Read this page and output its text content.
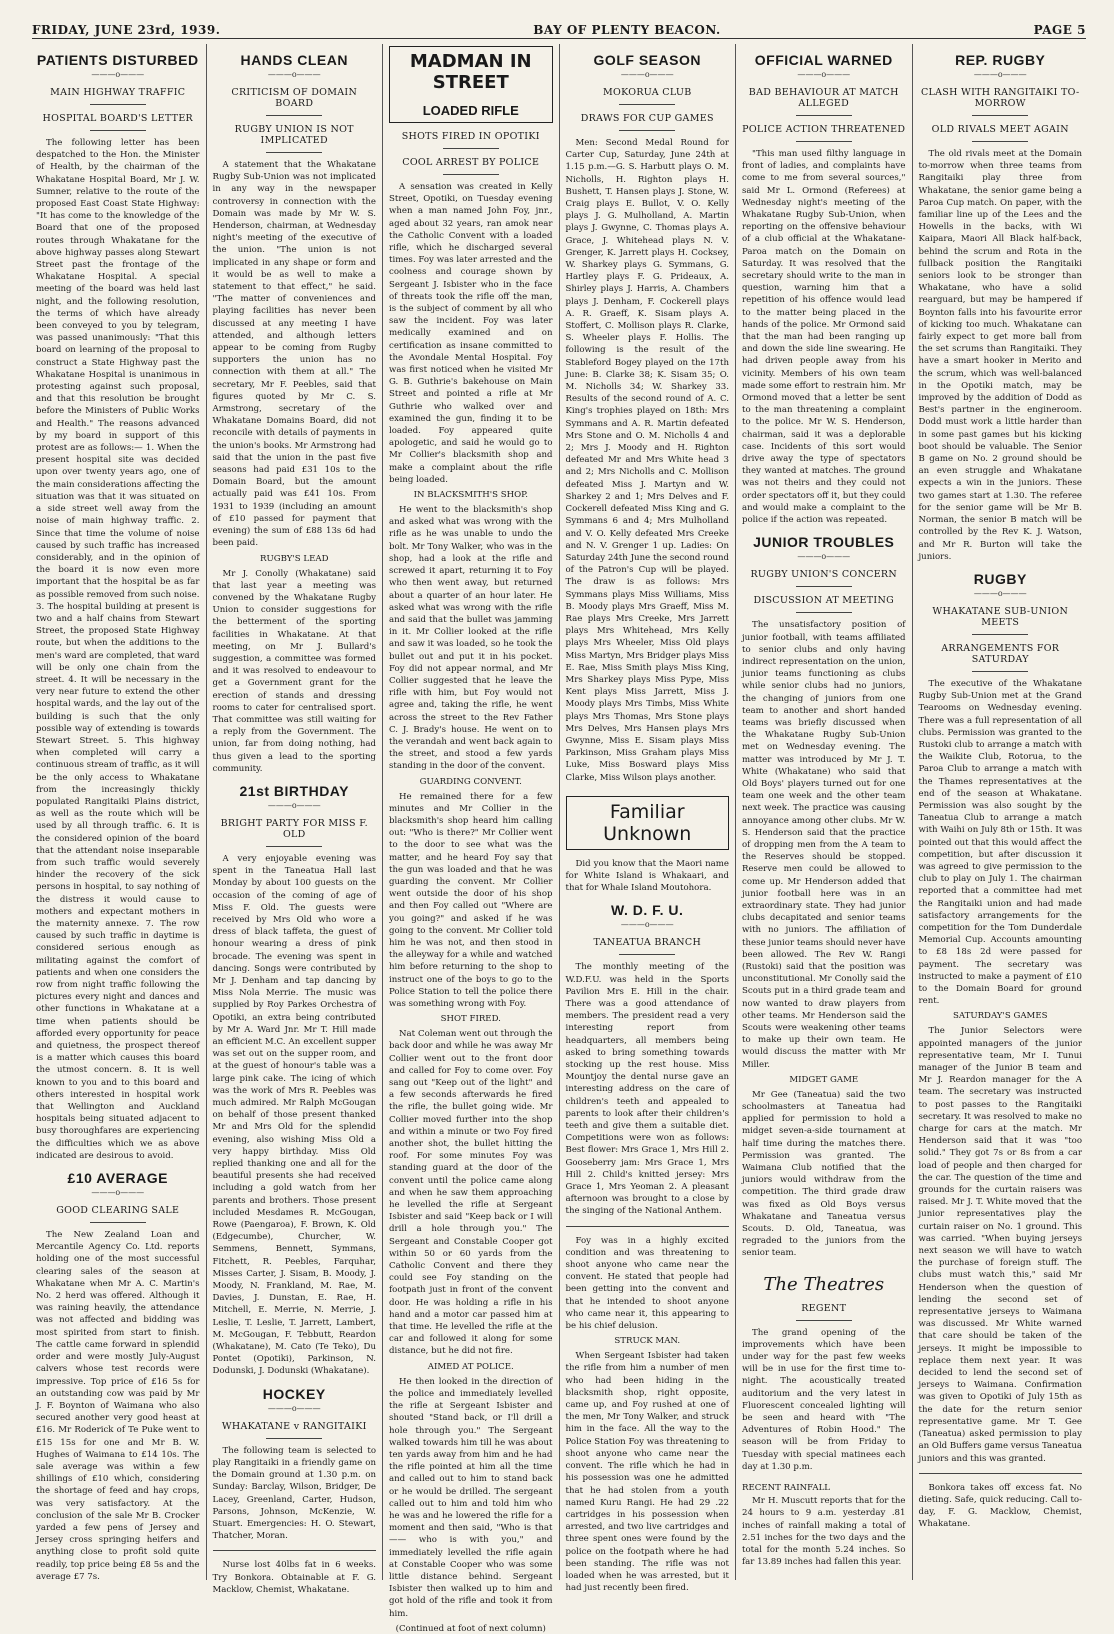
FRIDAY, JUNE 23rd, 1939.	BAY OF PLENTY BEACON.	PAGE 5
PATIENTS DISTURBED
———o———
MAIN HIGHWAY TRAFFIC
HOSPITAL BOARD'S LETTER

The following letter has been despatched to the Hon. the Minister of Health, by the chairman of the Whakatane Hospital Board, Mr J. W. Sumner, relative to the route of the proposed East Coast State Highway: "It has come to the knowledge of the Board that one of the proposed routes through Whakatane for the above highway passes along Stewart Street past the frontage of the Whakatane Hospital. A special meeting of the board was held last night, and the following resolution, the terms of which have already been conveyed to you by telegram, was passed unanimously: "That this board on learning of the proposal to construct a State Highway past the Whakatane Hospital is unanimous in protesting against such proposal, and that this resolution be brought before the Ministers of Public Works and Health." The reasons advanced by my board in support of this protest are as follows:— 1. When the present hospital site was decided upon over twenty years ago, one of the main considerations affecting the situation was that it was situated on a side street well away from the noise of main highway traffic. 2. Since that time the volume of noise caused by such traffic has increased considerably, and in the opinion of the board it is now even more important that the hospital be as far as possible removed from such noise. 3. The hospital building at present is two and a half chains from Stewart Street, the proposed State Highway route, but when the additions to the men's ward are completed, that ward will be only one chain from the street. 4. It will be necessary in the very near future to extend the other hospital wards, and the lay out of the building is such that the only possible way of extending is towards Stewart Street. 5. This highway when completed will carry a continuous stream of traffic, as it will be the only access to Whakatane from the increasingly thickly populated Rangitaiki Plains district, as well as the route which will be used by all through traffic. 6. It is the considered opinion of the board that the attendant noise inseparable from such traffic would severely hinder the recovery of the sick persons in hospital, to say nothing of the distress it would cause to mothers and expectant mothers in the maternity annexe. 7. The row caused by such traffic in daytime is considered serious enough as militating against the comfort of patients and when one considers the row from night traffic following the pictures every night and dances and other functions in Whakatane at a time when patients should be afforded every opportunity for peace and quietness, the prospect thereof is a matter which causes this board the utmost concern. 8. It is well known to you and to this board and others interested in hospital work that Wellington and Auckland hospitals being situated adjacent to busy thoroughfares are experiencing the difficulties which we as above indicated are desirous to avoid.

£10 AVERAGE
———o———
GOOD CLEARING SALE

The New Zealand Loan and Mercantile Agency Co. Ltd. reports holding one of the most successful clearing sales of the season at Whakatane when Mr A. C. Martin's No. 2 herd was offered. Although it was raining heavily, the attendance was not affected and bidding was most spirited from start to finish. The cattle came forward in splendid order and were mostly July-August calvers whose test records were impressive. Top price of £16 5s for an outstanding cow was paid by Mr J. F. Boynton of Waimana who also secured another very good heast at £16. Mr Roderick of Te Puke went to £15 15s for one and Mr B. W. Hughes of Waimana to £14 10s. The sale average was within a few shillings of £10 which, considering the shortage of feed and hay crops, was very satisfactory. At the conclusion of the sale Mr B. Crocker yarded a few pens of Jersey and Jersey cross springing heifers and anything close to profit sold quite readily, top price being £8 5s and the average £7 7s.

HANDS CLEAN
———o———
CRITICISM OF DOMAIN BOARD
RUGBY UNION IS NOT IMPLICATED

A statement that the Whakatane Rugby Sub-Union was not implicated in any way in the newspaper controversy in connection with the Domain was made by Mr W. S. Henderson, chairman, at Wednesday night's meeting of the executive of the union. "The union is not implicated in any shape or form and it would be as well to make a statement to that effect," he said. "The matter of conveniences and playing facilities has never been discussed at any meeting I have attended, and although letters appear to be coming from Rugby supporters the union has no connection with them at all." The secretary, Mr F. Peebles, said that figures quoted by Mr C. S. Armstrong, secretary of the Whakatane Domains Board, did not reconcile with details of payments in the union's books. Mr Armstrong had said that the union in the past five seasons had paid £31 10s to the Domain Board, but the amount actually paid was £41 10s. From 1931 to 1939 (including an amount of £10 passed for payment that evening) the sum of £88 13s 6d had been paid.

RUGBY'S LEAD

Mr J. Conolly (Whakatane) said that last year a meeting was convened by the Whakatane Rugby Union to consider suggestions for the betterment of the sporting facilities in Whakatane. At that meeting, on Mr J. Bullard's suggestion, a committee was formed and it was resolved to endeavour to get a Government grant for the erection of stands and dressing rooms to cater for centralised sport. That committee was still waiting for a reply from the Government. The union, far from doing nothing, had thus given a lead to the sporting community.

21st BIRTHDAY
———o———
BRIGHT PARTY FOR MISS F. OLD

A very enjoyable evening was spent in the Taneatua Hall last Monday by about 100 guests on the occasion of the coming of age of Miss F. Old. The guests were received by Mrs Old who wore a dress of black taffeta, the guest of honour wearing a dress of pink brocade. The evening was spent in dancing. Songs were contributed by Mr J. Denham and tap dancing by Miss Nola Merrie. The music was supplied by Roy Parkes Orchestra of Opotiki, an extra being contributed by Mr A. Ward Jnr. Mr T. Hill made an efficient M.C. An excellent supper was set out on the supper room, and at the guest of honour's table was a large pink cake. The icing of which was the work of Mrs R. Peebles was much admired. Mr Ralph McGougan on behalf of those present thanked Mr and Mrs Old for the splendid evening, also wishing Miss Old a very happy birthday. Miss Old replied thanking one and all for the beautiful presents she had received including a gold watch from her parents and brothers. Those present included Mesdames R. McGougan, Rowe (Paengaroa), F. Brown, K. Old (Edgecumbe), Churcher, W. Semmens, Bennett, Symmans, Fitchett, R. Peebles, Farquhar, Misses Carter, J. Sisam, B. Moody, J. Moody, N. Frankland, M. Rae, M. Davies, J. Dunstan, E. Rae, H. Mitchell, E. Merrie, N. Merrie, J. Leslie, T. Leslie, T. Jarrett, Lambert, M. McGougan, F. Tebbutt, Reardon (Whakatane), M. Cato (Te Teko), Du Pontet (Opotiki), Parkinson, N. Dodunski, J. Dodunski (Whakatane).

HOCKEY
———o———
WHAKATANE v RANGITAIKI

The following team is selected to play Rangitaiki in a friendly game on the Domain ground at 1.30 p.m. on Sunday: Barclay, Wilson, Bridger, De Lacey, Greenland, Carter, Hudson, Parsons, Johnson, McKenzie, W. Stuart. Emergencies: H. O. Stewart, Thatcher, Moran.

Nurse lost 40lbs fat in 6 weeks. Try Bonkora. Obtainable at F. G. Macklow, Chemist, Whakatane.

MADMAN IN STREET
LOADED RIFLE
SHOTS FIRED IN OPOTIKI
COOL ARREST BY POLICE

A sensation was created in Kelly Street, Opotiki, on Tuesday evening when a man named John Foy, jnr., aged about 32 years, ran amok near the Catholic Convent with a loaded rifle, which he discharged several times. Foy was later arrested and the coolness and courage shown by Sergeant J. Isbister who in the face of threats took the rifle off the man, is the subject of comment by all who saw the incident. Foy was later medically examined and on certification as insane committed to the Avondale Mental Hospital. Foy was first noticed when he visited Mr G. B. Guthrie's bakehouse on Main Street and pointed a rifle at Mr Guthrie who walked over and examined the gun, finding it to be loaded. Foy appeared quite apologetic, and said he would go to Mr Collier's blacksmith shop and make a complaint about the rifle being loaded.

IN BLACKSMITH'S SHOP.

He went to the blacksmith's shop and asked what was wrong with the rifle as he was unable to undo the bolt. Mr Tony Walker, who was in the shop, had a look at the rifle and screwed it apart, returning it to Foy who then went away, but returned about a quarter of an hour later. He asked what was wrong with the rifle and said that the bullet was jamming in it. Mr Collier looked at the rifle and saw it was loaded, so he took the bullet out and put it in his pocket. Foy did not appear normal, and Mr Collier suggested that he leave the rifle with him, but Foy would not agree and, taking the rifle, he went across the street to the Rev Father C. J. Brady's house. He went on to the verandah and went back again to the street, and stood a few yards standing in the door of the convent.

GUARDING CONVENT.

He remained there for a few minutes and Mr Collier in the blacksmith's shop heard him calling out: "Who is there?" Mr Collier went to the door to see what was the matter, and he heard Foy say that the gun was loaded and that he was guarding the convent. Mr Collier went outside the door of his shop and then Foy called out "Where are you going?" and asked if he was going to the convent. Mr Collier told him he was not, and then stood in the alleyway for a while and watched him before returning to the shop to instruct one of the boys to go to the Police Station to tell the police there was something wrong with Foy.

SHOT FIRED.

Nat Coleman went out through the back door and while he was away Mr Collier went out to the front door and called for Foy to come over. Foy sang out "Keep out of the light" and a few seconds afterwards he fired the rifle, the bullet going wide. Mr Collier moved further into the shop and within a minute or two Foy fired another shot, the bullet hitting the roof. For some minutes Foy was standing guard at the door of the convent until the police came along and when he saw them approaching he levelled the rifle at Sergeant Isbister and said "Keep back or I will drill a hole through you." The Sergeant and Constable Cooper got within 50 or 60 yards from the Catholic Convent and there they could see Foy standing on the footpath just in front of the convent door. He was holding a rifle in his hand and a motor car passed him at that time. He levelled the rifle at the car and followed it along for some distance, but he did not fire.

AIMED AT POLICE.

He then looked in the direction of the police and immediately levelled the rifle at Sergeant Isbister and shouted "Stand back, or I'll drill a hole through you." The Sergeant walked towards him till he was about ten yards away from him and he had the rifle pointed at him all the time and called out to him to stand back or he would be drilled. The sergeant called out to him and told him who he was and he lowered the rifle for a moment and then said, "Who is that —— who is with you," and immediately levelled the rifle again at Constable Cooper who was some little distance behind. Sergeant Isbister then walked up to him and got hold of the rifle and took it from him.

(Continued at foot of next column)
GOLF SEASON
———o———
MOKORUA CLUB
DRAWS FOR CUP GAMES

Men: Second Medal Round for Carter Cup, Saturday, June 24th at 1.15 p.m.—G. S. Harbutt plays O. M. Nicholls, H. Righton plays H. Bushett, T. Hansen plays J. Stone, W. Craig plays E. Bullot, V. O. Kelly plays J. G. Mulholland, A. Martin plays J. Gwynne, C. Thomas plays A. Grace, J. Whitehead plays N. V. Grenger, K. Jarrett plays H. Cocksey, W. Sharkey plays G. Symmans, G. Hartley plays F. G. Prideaux, A. Shirley plays J. Harris, A. Chambers plays J. Denham, F. Cockerell plays A. R. Graeff, K. Sisam plays A. Stoffert, C. Mollison plays R. Clarke, S. Wheeler plays F. Hollis. The following is the result of the Stableford Bogey played on the 17th June: B. Clarke 38; K. Sisam 35; O. M. Nicholls 34; W. Sharkey 33. Results of the second round of A. C. King's trophies played on 18th: Mrs Symmans and A. R. Martin defeated Mrs Stone and O. M. Nicholls 4 and 2; Mrs J. Moody and H. Righton defeated Mr and Mrs White head 3 and 2; Mrs Nicholls and C. Mollison defeated Miss J. Martyn and W. Sharkey 2 and 1; Mrs Delves and F. Cockerell defeated Miss King and G. Symmans 6 and 4; Mrs Mulholland and V. O. Kelly defeated Mrs Creeke and N. V. Grenger 1 up. Ladies: On Saturday 24th June the second round of the Patron's Cup will be played. The draw is as follows: Mrs Symmans plays Miss Williams, Miss B. Moody plays Mrs Graeff, Miss M. Rae plays Mrs Creeke, Mrs Jarrett plays Mrs Whitehead, Mrs Kelly plays Mrs Wheeler, Miss Old plays Miss Martyn, Mrs Bridger plays Miss E. Rae, Miss Smith plays Miss King, Mrs Sharkey plays Miss Pype, Miss Kent plays Miss Jarrett, Miss J. Moody plays Mrs Timbs, Miss White plays Mrs Thomas, Mrs Stone plays Mrs Delves, Mrs Hansen plays Mrs Gwynne, Miss E. Sisam plays Miss Parkinson, Miss Graham plays Miss Luke, Miss Bosward plays Miss Clarke, Miss Wilson plays another.

Familiar Unknown

Did you know that the Maori name for White Island is Whakaari, and that for Whale Island Moutohora.

W. D. F. U.
———o———
TANEATUA BRANCH

The monthly meeting of the W.D.F.U. was held in the Sports Pavilion Mrs E. Hill in the chair. There was a good attendance of members. The president read a very interesting report from headquarters, all members being asked to bring something towards stocking up the rest house. Miss Mountjoy the dental nurse gave an interesting address on the care of children's teeth and appealed to parents to look after their children's teeth and give them a suitable diet. Competitions were won as follows: Best flower: Mrs Grace 1, Mrs Hill 2. Gooseberry jam: Mrs Grace 1, Mrs Hill 2. Child's knitted jersey: Mrs Grace 1, Mrs Yeoman 2. A pleasant afternoon was brought to a close by the singing of the National Anthem.

Foy was in a highly excited condition and was threatening to shoot anyone who came near the convent. He stated that people had been getting into the convent and that he intended to shoot anyone who came near it, this appearing to be his chief delusion.

STRUCK MAN.

When Sergeant Isbister had taken the rifle from him a number of men who had been hiding in the blacksmith shop, right opposite, came up, and Foy rushed at one of the men, Mr Tony Walker, and struck him in the face. All the way to the Police Station Foy was threatening to shoot anyone who came near the convent. The rifle which he had in his possession was one he admitted that he had stolen from a youth named Kuru Rangi. He had 29 .22 cartridges in his possession when arrested, and two live cartridges and three spent ones were found by the police on the footpath where he had been standing. The rifle was not loaded when he was arrested, but it had just recently been fired.

OFFICIAL WARNED
———o———
BAD BEHAVIOUR AT MATCH ALLEGED
POLICE ACTION THREATENED

"This man used filthy language in front of ladies, and complaints have come to me from several sources," said Mr L. Ormond (Referees) at Wednesday night's meeting of the Whakatane Rugby Sub-Union, when reporting on the offensive behaviour of a club official at the Whakatane-Paroa match on the Domain on Saturday. It was resolved that the secretary should write to the man in question, warning him that a repetition of his offence would lead to the matter being placed in the hands of the police. Mr Ormond said that the man had been ranging up and down the side line swearing. He had driven people away from his vicinity. Members of his own team made some effort to restrain him. Mr Ormond moved that a letter be sent to the man threatening a complaint to the police. Mr W. S. Henderson, chairman, said it was a deplorable case. Incidents of this sort would drive away the type of spectators they wanted at matches. The ground was not theirs and they could not order spectators off it, but they could and would make a complaint to the police if the action was repeated.

JUNIOR TROUBLES
———o———
RUGBY UNION'S CONCERN
DISCUSSION AT MEETING

The unsatisfactory position of junior football, with teams affiliated to senior clubs and only having indirect representation on the union, junior teams functioning as clubs while senior clubs had no juniors, the changing of juniors from one team to another and short handed teams was briefly discussed when the Whakatane Rugby Sub-Union met on Wednesday evening. The matter was introduced by Mr J. T. White (Whakatane) who said that Old Boys' players turned out for one team one week and the other team next week. The practice was causing annoyance among other clubs. Mr W. S. Henderson said that the practice of dropping men from the A team to the Reserves should be stopped. Reserve men could be allowed to come up. Mr Henderson added that junior football here was in an extraordinary state. They had junior clubs decapitated and senior teams with no juniors. The affiliation of these junior teams should never have been allowed. The Rev W. Rangi (Rustoki) said that the position was unconstitutional. Mr Conolly said the Scouts put in a third grade team and now wanted to draw players from other teams. Mr Henderson said the Scouts were weakening other teams to make up their own team. He would discuss the matter with Mr Miller.

MIDGET GAME

Mr Gee (Taneatua) said the two schoolmasters at Taneatua had applied for permission to hold a midget seven-a-side tournament at half time during the matches there. Permission was granted. The Waimana Club notified that the juniors would withdraw from the competition. The third grade draw was fixed as Old Boys versus Whakatane and Taneatua versus Scouts. D. Old, Taneatua, was regraded to the juniors from the senior team.

The Theatres
REGENT

The grand opening of the improvements which have been under way for the past few weeks will be in use for the first time to-night. The acoustically treated auditorium and the very latest in Fluorescent concealed lighting will be seen and heard with "The Adventures of Robin Hood." The season will be from Friday to Tuesday with special matinees each day at 1.30 p.m.

RECENT RAINFALL

Mr H. Muscutt reports that for the 24 hours to 9 a.m. yesterday .81 inches of rainfall making a total of 2.51 inches for the two days and the total for the month 5.24 inches. So far 13.89 inches had fallen this year.

REP. RUGBY
———o———
CLASH WITH RANGITAIKI TO-MORROW
OLD RIVALS MEET AGAIN

The old rivals meet at the Domain to-morrow when three teams from Rangitaiki play three from Whakatane, the senior game being a Paroa Cup match. On paper, with the familiar line up of the Lees and the Howells in the backs, with Wi Kaipara, Maori All Black half-back, behind the scrum and Rota in the fullback position the Rangitaiki seniors look to be stronger than Whakatane, who have a solid rearguard, but may be hampered if Boynton falls into his favourite error of kicking too much. Whakatane can fairly expect to get more ball from the set scrums than Rangitaiki. They have a smart hooker in Merito and the scrum, which was well-balanced in the Opotiki match, may be improved by the addition of Dodd as Best's partner in the engineroom. Dodd must work a little harder than in some past games but his kicking boot should be valuable. The Senior B game on No. 2 ground should be an even struggle and Whakatane expects a win in the juniors. These two games start at 1.30. The referee for the senior game will be Mr B. Norman, the senior B match will be controlled by the Rev K. J. Watson, and Mr R. Burton will take the juniors.

RUGBY
———o———
WHAKATANE SUB-UNION MEETS
ARRANGEMENTS FOR SATURDAY

The executive of the Whakatane Rugby Sub-Union met at the Grand Tearooms on Wednesday evening. There was a full representation of all clubs. Permission was granted to the Rustoki club to arrange a match with the Waikite Club, Rotorua, to the Paroa Club to arrange a match with the Thames representatives at the end of the season at Whakatane. Permission was also sought by the Taneatua Club to arrange a match with Waihi on July 8th or 15th. It was pointed out that this would affect the competition, but after discussion it was agreed to give permission to the club to play on July 1. The chairman reported that a committee had met the Rangitaiki union and had made satisfactory arrangements for the competition for the Tom Dunderdale Memorial Cup. Accounts amounting to £8 18s 2d were passed for payment. The secretary was instructed to make a payment of £10 to the Domain Board for ground rent.

SATURDAY'S GAMES

The Junior Selectors were appointed managers of the junior representative team, Mr I. Tunui manager of the Junior B team and Mr J. Reardon manager for the A team. The secretary was instructed to post passes to the Rangitaiki secretary. It was resolved to make no charge for cars at the match. Mr Henderson said that it was "too solid." They got 7s or 8s from a car load of people and then charged for the car. The question of the time and grounds for the curtain raisers was raised. Mr J. T. White moved that the junior representatives play the curtain raiser on No. 1 ground. This was carried. "When buying jerseys next season we will have to watch the purchase of foreign stuff. The clubs must watch this," said Mr Henderson when the question of lending the second set of representative jerseys to Waimana was discussed. Mr White warned that care should be taken of the jerseys. It might be impossible to replace them next year. It was decided to lend the second set of jerseys to Waimana. Confirmation was given to Opotiki of July 15th as the date for the return senior representative game. Mr T. Gee (Taneatua) asked permission to play an Old Buffers game versus Taneatua juniors and this was granted.

Bonkora takes off excess fat. No dieting. Safe, quick reducing. Call to-day, F. G. Macklow, Chemist, Whakatane.
